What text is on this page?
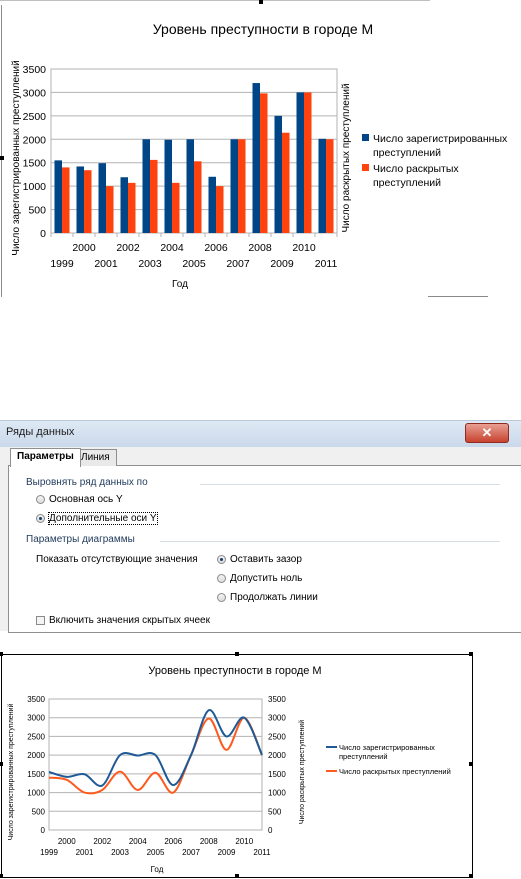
Уровень преступности в городе М
3500
3000
2500
2000
1500
1000
500
0
2000 2002 2004 2006 2008 2010
1999 2001 2003 2005 2007 2009 2011
Число зарегистрированных преступлений	Число раскрытых преступлений
Год
Число зарегистрированных
преступлений
Число раскрытых
преступлений
Ряды данных	✕
Параметры Линия
Выровнять ряд данных по
Основная ось Y
Дополнительные оси Y
Параметры диаграммы
Показать отсутствующие значения	Оставить зазор
Допустить ноль
Продолжать линии
Включить значения скрытых ячеек
Уровень преступности в городе М
3500
3000
2500
2000
1500
1000
500
0
3500
3000
2500
2000
1500
1000
500
0
2000 2002 2004 2006 2008 2010
1999 2001 2003 2005 2007 2009 2011
Число зарегистрированных преступлений	Число раскрытых преступлений
Год
Число зарегистрированных
преступлений
Число раскрытых преступлений
